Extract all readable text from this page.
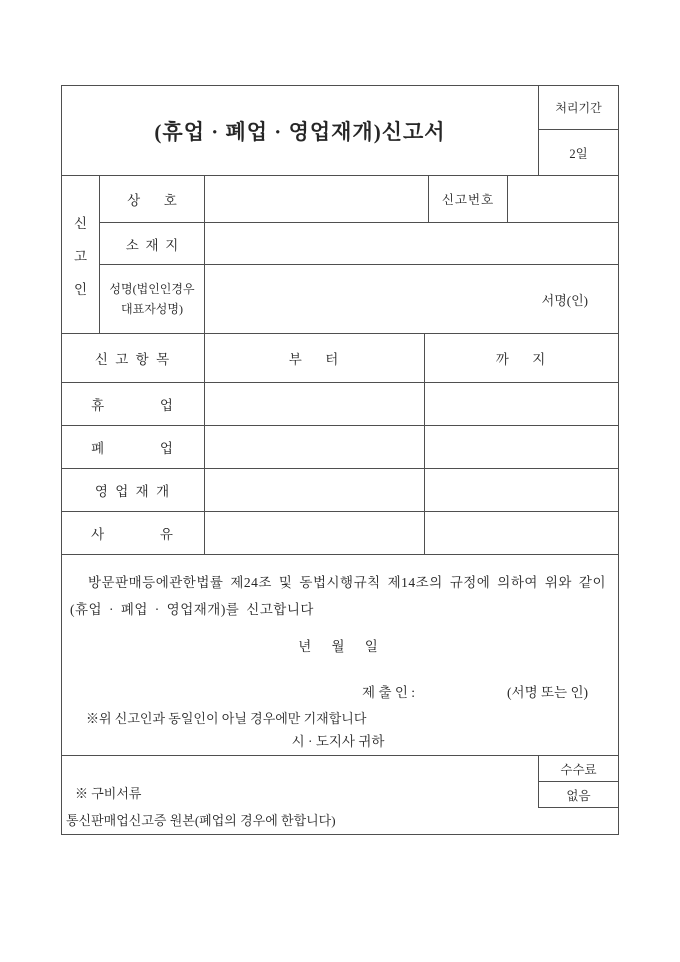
(휴업 · 폐업 · 영업재개)신고서
처리기간
2일
신
고
인
상       호	신고번호
소  재  지
성명(법인인경우
대표자성명)
서명(인)
신 고 항 목	부    터	까    지
휴          업
폐          업
영 업 재 개
사          유
방문판매등에관한법률 제24조 및 동법시행규칙 제14조의 규정에 의하여 위와 같이 (휴업 · 폐업 · 영업재개)를 신고합니다
년      월      일
제 출 인 :	(서명 또는 인)
※위 신고인과 동일인이 아닐 경우에만 기재합니다
시 · 도지사 귀하
수수료
없음
※ 구비서류
통신판매업신고증 원본(폐업의 경우에 한합니다)
